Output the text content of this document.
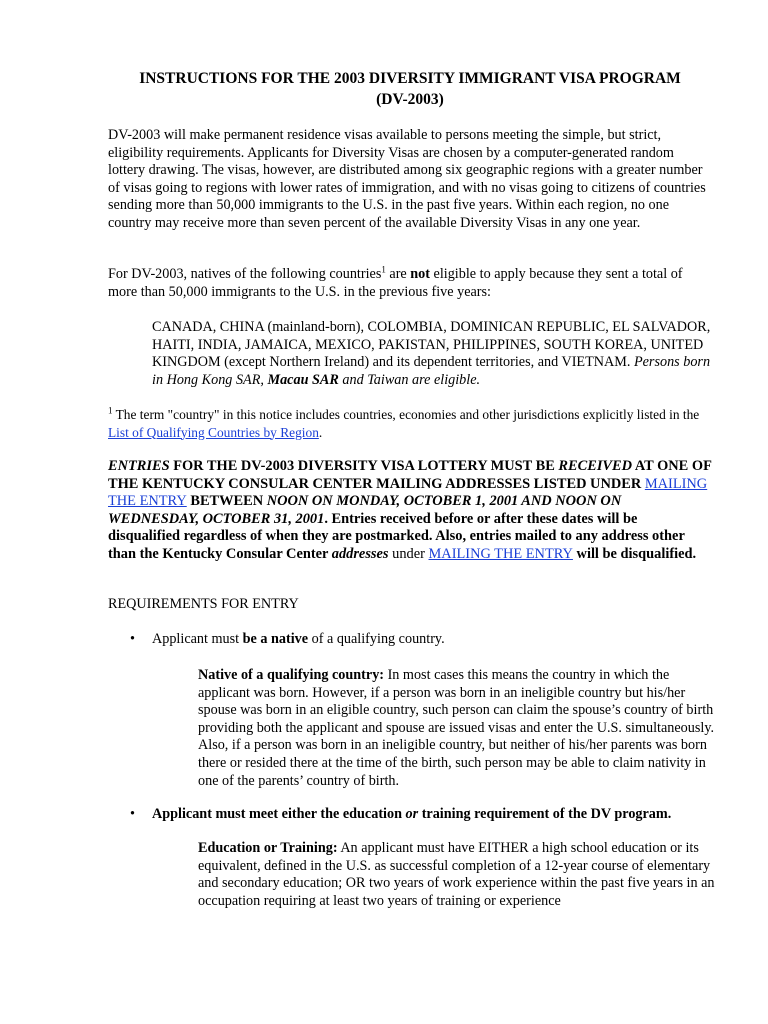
INSTRUCTIONS FOR THE 2003 DIVERSITY IMMIGRANT VISA PROGRAM
(DV-2003)
DV-2003 will make permanent residence visas available to persons meeting the simple, but strict, eligibility requirements. Applicants for Diversity Visas are chosen by a computer-generated random lottery drawing. The visas, however, are distributed among six geographic regions with a greater number of visas going to regions with lower rates of immigration, and with no visas going to citizens of countries sending more than 50,000 immigrants to the U.S. in the past five years. Within each region, no one country may receive more than seven percent of the available Diversity Visas in any one year.
For DV-2003, natives of the following countries$^1$ are not eligible to apply because they sent a total of more than 50,000 immigrants to the U.S. in the previous five years:
CANADA, CHINA (mainland-born), COLOMBIA, DOMINICAN REPUBLIC, EL SALVADOR, HAITI, INDIA, JAMAICA, MEXICO, PAKISTAN, PHILIPPINES, SOUTH KOREA, UNITED KINGDOM (except Northern Ireland) and its dependent territories, and VIETNAM. Persons born in Hong Kong SAR, Macau SAR and Taiwan are eligible.
$^1$ The term "country" in this notice includes countries, economies and other jurisdictions explicitly listed in the List of Qualifying Countries by Region.
ENTRIES FOR THE DV-2003 DIVERSITY VISA LOTTERY MUST BE RECEIVED AT ONE OF THE KENTUCKY CONSULAR CENTER MAILING ADDRESSES LISTED UNDER MAILING THE ENTRY BETWEEN NOON ON MONDAY, OCTOBER 1, 2001 AND NOON ON WEDNESDAY, OCTOBER 31, 2001. Entries received before or after these dates will be disqualified regardless of when they are postmarked. Also, entries mailed to any address other than the Kentucky Consular Center addresses under MAILING THE ENTRY will be disqualified.
REQUIREMENTS FOR ENTRY
•	Applicant must be a native of a qualifying country.
Native of a qualifying country: In most cases this means the country in which the applicant was born. However, if a person was born in an ineligible country but his/her spouse was born in an eligible country, such person can claim the spouse’s country of birth providing both the applicant and spouse are issued visas and enter the U.S. simultaneously. Also, if a person was born in an ineligible country, but neither of his/her parents was born there or resided there at the time of the birth, such person may be able to claim nativity in one of the parents’ country of birth.
•	Applicant must meet either the education or training requirement of the DV program.
Education or Training: An applicant must have EITHER a high school education or its equivalent, defined in the U.S. as successful completion of a 12-year course of elementary and secondary education; OR two years of work experience within the past five years in an occupation requiring at least two years of training or experience
